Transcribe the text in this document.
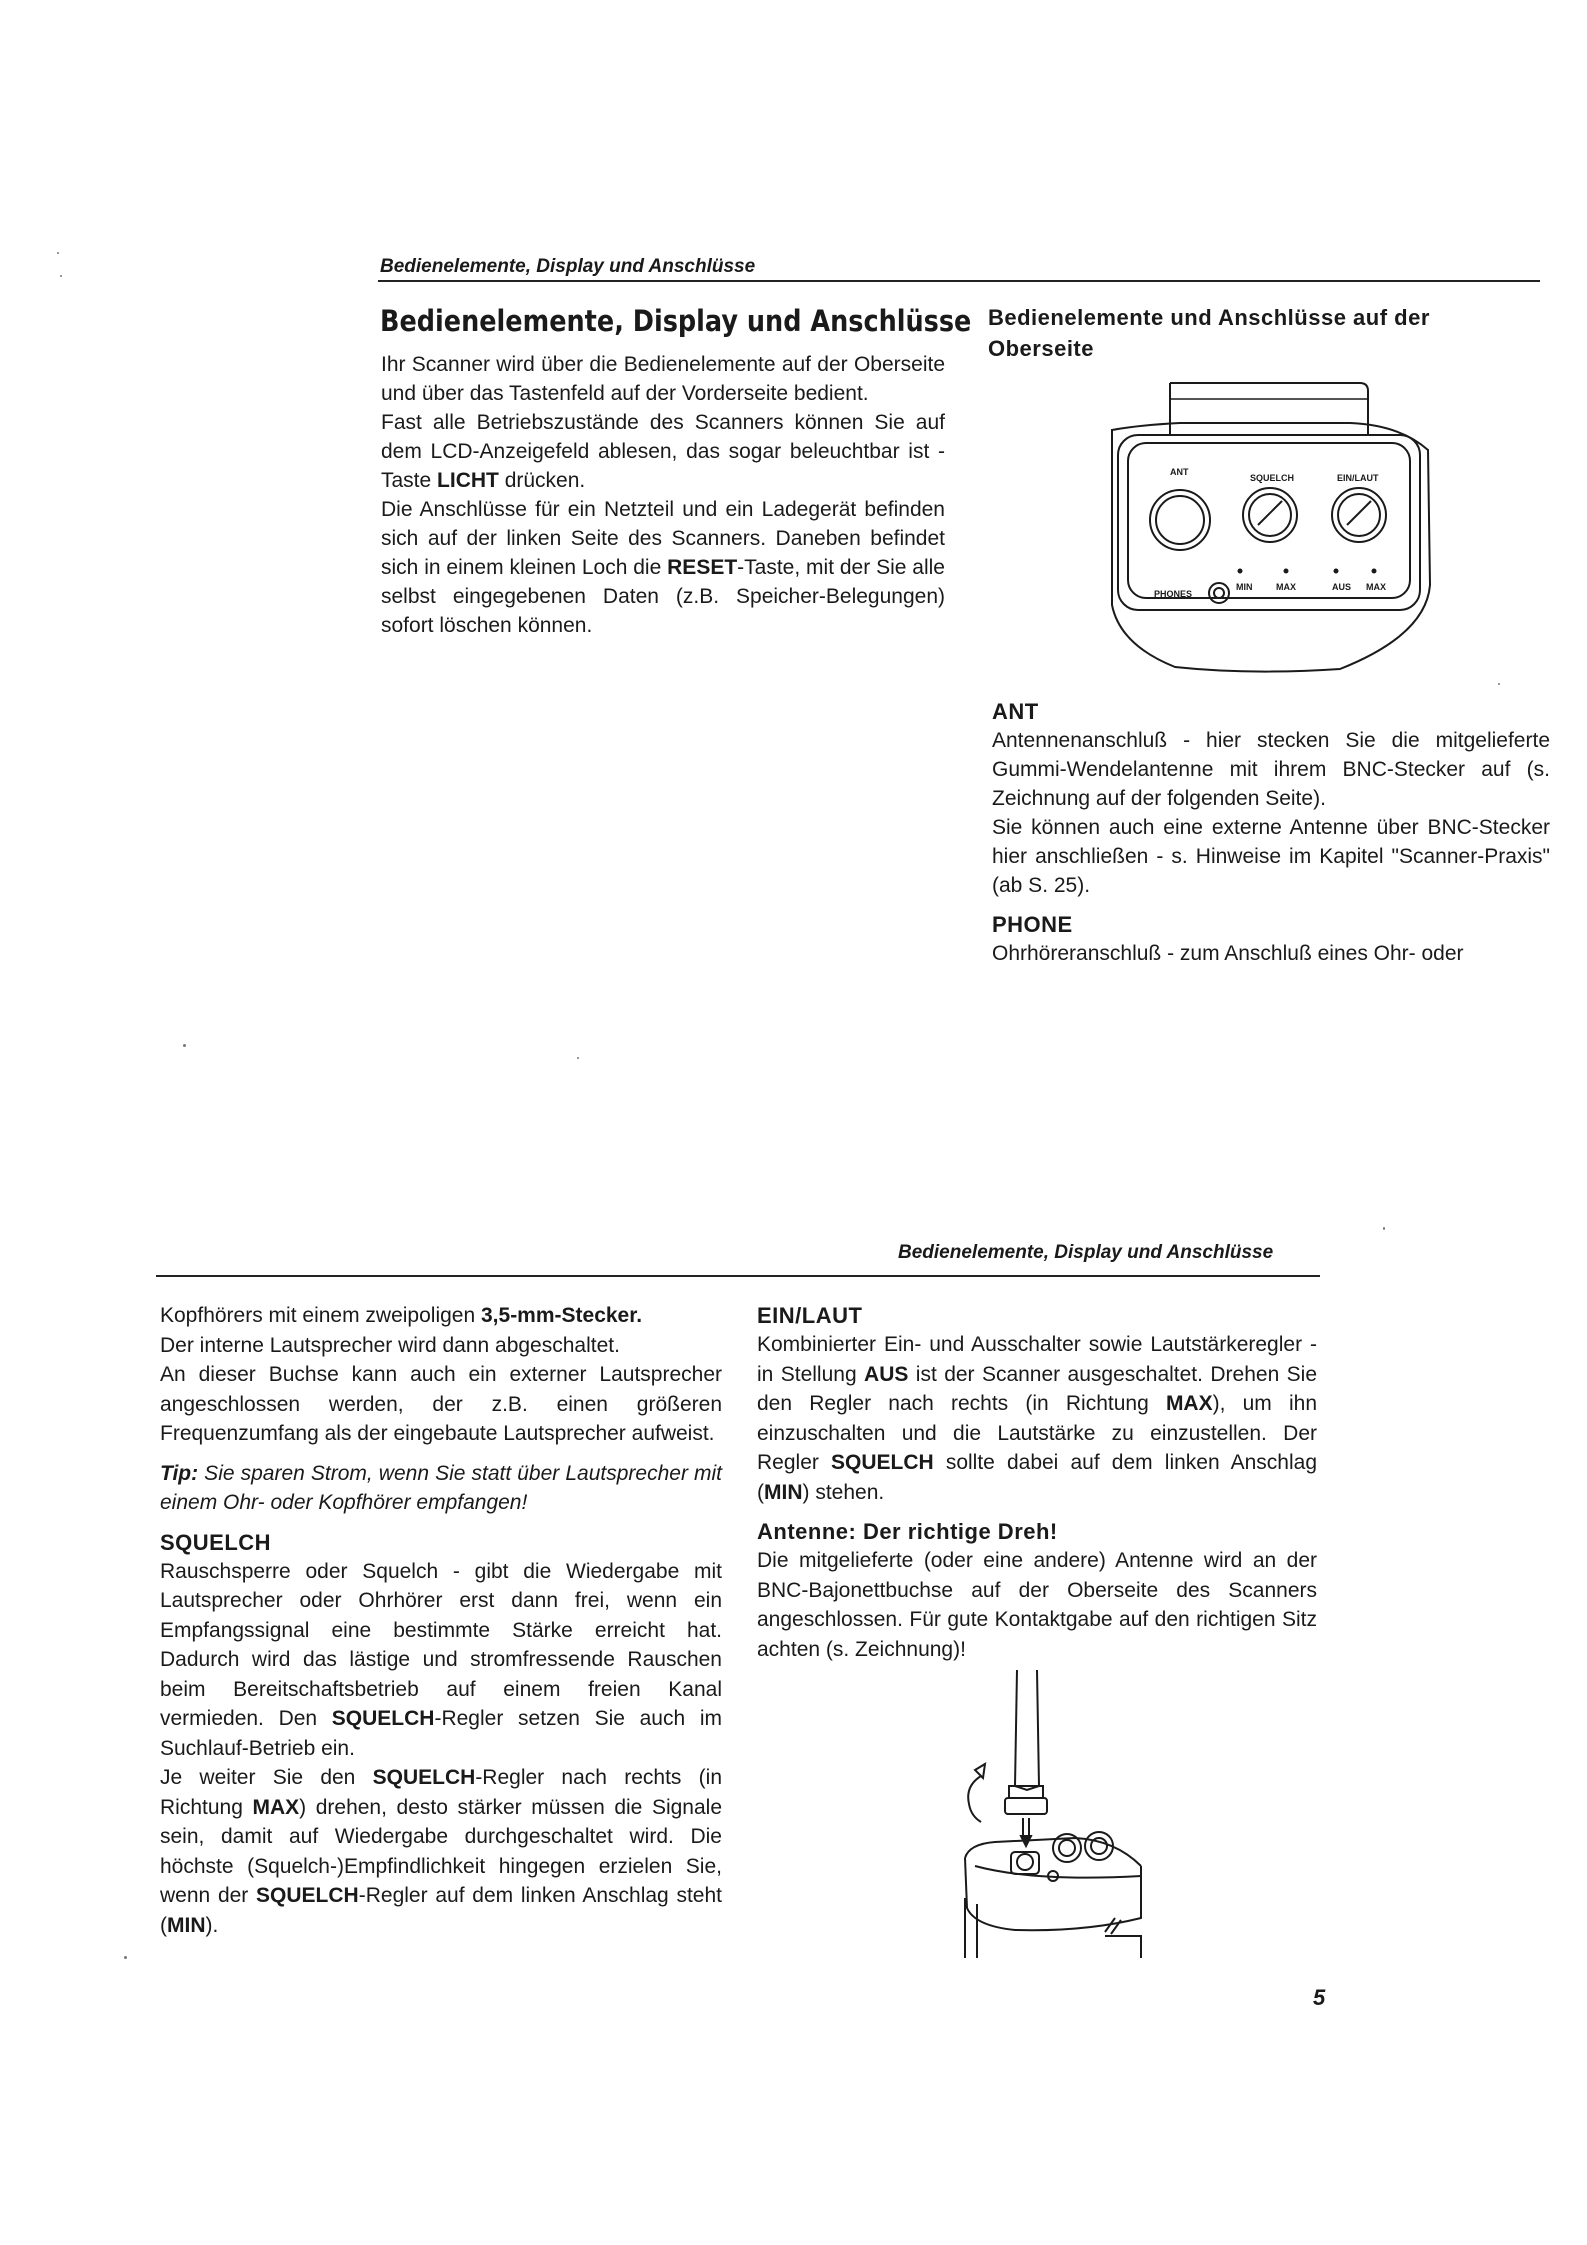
Bedienelemente, Display und Anschlüsse
Bedienelemente, Display und Anschlüsse

Ihr Scanner wird über die Bedienelemente auf der Oberseite und über das Tastenfeld auf der Vorderseite bedient.

Fast alle Betriebszustände des Scanners können Sie auf dem LCD-Anzeigefeld ablesen, das sogar beleuchtbar ist - Taste LICHT drücken.

Die Anschlüsse für ein Netzteil und ein Ladegerät befinden sich auf der linken Seite des Scanners. Daneben befindet sich in einem kleinen Loch die RESET-Taste, mit der Sie alle selbst eingegebenen Daten (z.B. Speicher-Belegungen) sofort löschen können.

Bedienelemente und Anschlüsse auf der Oberseite
ANT
SQUELCH	EIN/LAUT
PHONES
MIN	MAX	AUS MAX

ANT

Antennenanschluß - hier stecken Sie die mitgelieferte Gummi-Wendelantenne mit ihrem BNC-Stecker auf (s. Zeichnung auf der folgenden Seite).

Sie können auch eine externe Antenne über BNC-Stecker hier anschließen - s. Hinweise im Kapitel "Scanner-Praxis" (ab S. 25).

PHONE

Ohrhöreranschluß - zum Anschluß eines Ohr- oder

Bedienelemente, Display und Anschlüsse

Kopfhörers mit einem zweipoligen 3,5-mm-Stecker.

Der interne Lautsprecher wird dann abgeschaltet.

An dieser Buchse kann auch ein externer Lautsprecher angeschlossen werden, der z.B. einen größeren Frequenzumfang als der eingebaute Lautsprecher aufweist.

Tip: Sie sparen Strom, wenn Sie statt über Lautsprecher mit einem Ohr- oder Kopfhörer empfangen!

SQUELCH

Rauschsperre oder Squelch - gibt die Wiedergabe mit Lautsprecher oder Ohrhörer erst dann frei, wenn ein Empfangssignal eine bestimmte Stärke erreicht hat. Dadurch wird das lästige und stromfressende Rauschen beim Bereitschaftsbetrieb auf einem freien Kanal vermieden. Den SQUELCH-Regler setzen Sie auch im Suchlauf-Betrieb ein.

Je weiter Sie den SQUELCH-Regler nach rechts (in Richtung MAX) drehen, desto stärker müssen die Signale sein, damit auf Wiedergabe durchgeschaltet wird. Die höchste (Squelch-)Empfindlichkeit hingegen erzielen Sie, wenn der SQUELCH-Regler auf dem linken Anschlag steht (MIN).

EIN/LAUT

Kombinierter Ein- und Ausschalter sowie Lautstärkeregler - in Stellung AUS ist der Scanner ausgeschaltet. Drehen Sie den Regler nach rechts (in Richtung MAX), um ihn einzuschalten und die Lautstärke zu einzustellen. Der Regler SQUELCH sollte dabei auf dem linken Anschlag (MIN) stehen.

Antenne: Der richtige Dreh!

Die mitgelieferte (oder eine andere) Antenne wird an der BNC-Bajonettbuchse auf der Oberseite des Scanners angeschlossen. Für gute Kontaktgabe auf den richtigen Sitz achten (s. Zeichnung)!

5
